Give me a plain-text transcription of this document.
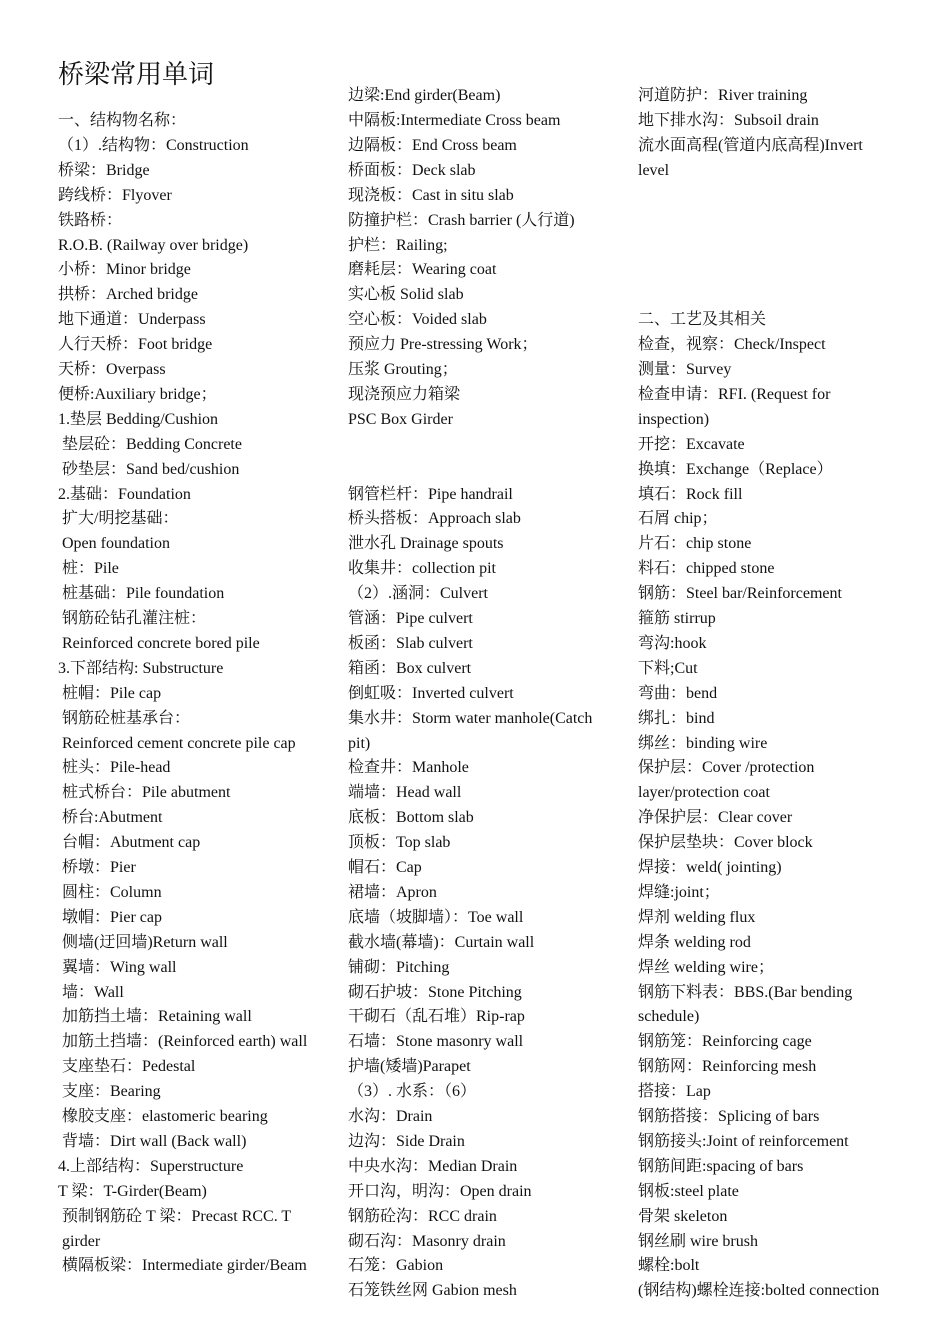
桥梁常用单词
一、结构物名称：
（1）.结构物：Construction
桥梁：Bridge
跨线桥：Flyover
铁路桥：
R.O.B. (Railway over bridge)
小桥：Minor bridge
拱桥：Arched bridge
地下通道：Underpass
人行天桥：Foot bridge
天桥：Overpass
便桥:Auxiliary bridge；
1.垫层 Bedding/Cushion
垫层砼：Bedding Concrete
砂垫层：Sand bed/cushion
2.基础：Foundation
扩大/明挖基础：
Open foundation
桩：Pile
桩基础：Pile foundation
钢筋砼钻孔灌注桩：
Reinforced concrete bored pile
3.下部结构: Substructure
桩帽：Pile cap
钢筋砼桩基承台：
Reinforced cement concrete pile cap
桩头：Pile-head
桩式桥台：Pile abutment
桥台:Abutment
台帽：Abutment cap
桥墩：Pier
圆柱：Column
墩帽：Pier cap
侧墙(迂回墙)Return wall
翼墙：Wing wall
墙：Wall
加筋挡土墙：Retaining wall
加筋土挡墙：(Reinforced earth) wall
支座垫石：Pedestal
支座：Bearing
橡胶支座：elastomeric bearing
背墙：Dirt wall (Back wall)
4.上部结构：Superstructure
T 梁：T-Girder(Beam)
预制钢筋砼 T 梁：Precast RCC. T
girder
横隔板梁：Intermediate girder/Beam
边梁:End girder(Beam)
中隔板:Intermediate Cross beam
边隔板：End Cross beam
桥面板：Deck slab
现浇板：Cast in situ slab
防撞护栏：Crash barrier (人行道)
护栏：Railing;
磨耗层：Wearing coat
实心板 Solid slab
空心板：Voided slab
预应力 Pre-stressing Work；
压浆 Grouting；
现浇预应力箱梁
PSC Box Girder
钢管栏杆：Pipe handrail
桥头搭板：Approach slab
泄水孔 Drainage spouts
收集井：collection pit
（2）.涵洞：Culvert
管涵：Pipe culvert
板函：Slab culvert
箱函：Box culvert
倒虹吸：Inverted culvert
集水井：Storm water manhole(Catch
pit)
检查井：Manhole
端墙：Head wall
底板：Bottom slab
顶板：Top slab
帽石：Cap
裙墙：Apron
底墙（坡脚墙）：Toe wall
截水墙(幕墙)：Curtain wall
铺砌：Pitching
砌石护坡：Stone Pitching
干砌石（乱石堆）Rip-rap
石墙：Stone masonry wall
护墙(矮墙)Parapet
（3）. 水系：（6）
水沟：Drain
边沟：Side Drain
中央水沟：Median Drain
开口沟，明沟：Open drain
钢筋砼沟：RCC drain
砌石沟：Masonry drain
石笼：Gabion
石笼铁丝网 Gabion mesh
河道防护：River training
地下排水沟：Subsoil drain
流水面高程(管道内底高程)Invert
level
二、工艺及其相关
检查，视察：Check/Inspect
测量：Survey
检查申请：RFI. (Request for
inspection)
开挖：Excavate
换填：Exchange（Replace）
填石：Rock fill
石屑 chip；
片石：chip stone
料石：chipped stone
钢筋：Steel bar/Reinforcement
箍筋 stirrup
弯沟:hook
下料;Cut
弯曲：bend
绑扎：bind
绑丝：binding wire
保护层：Cover /protection
layer/protection coat
净保护层：Clear cover
保护层垫块：Cover block
焊接：weld( jointing)
焊缝:joint；
焊剂 welding flux
焊条 welding rod
焊丝 welding wire；
钢筋下料表：BBS.(Bar bending
schedule)
钢筋笼：Reinforcing cage
钢筋网：Reinforcing mesh
搭接：Lap
钢筋搭接：Splicing of bars
钢筋接头:Joint of reinforcement
钢筋间距:spacing of bars
钢板:steel plate
骨架 skeleton
钢丝刷 wire brush
螺栓:bolt
(钢结构)螺栓连接:bolted connection
